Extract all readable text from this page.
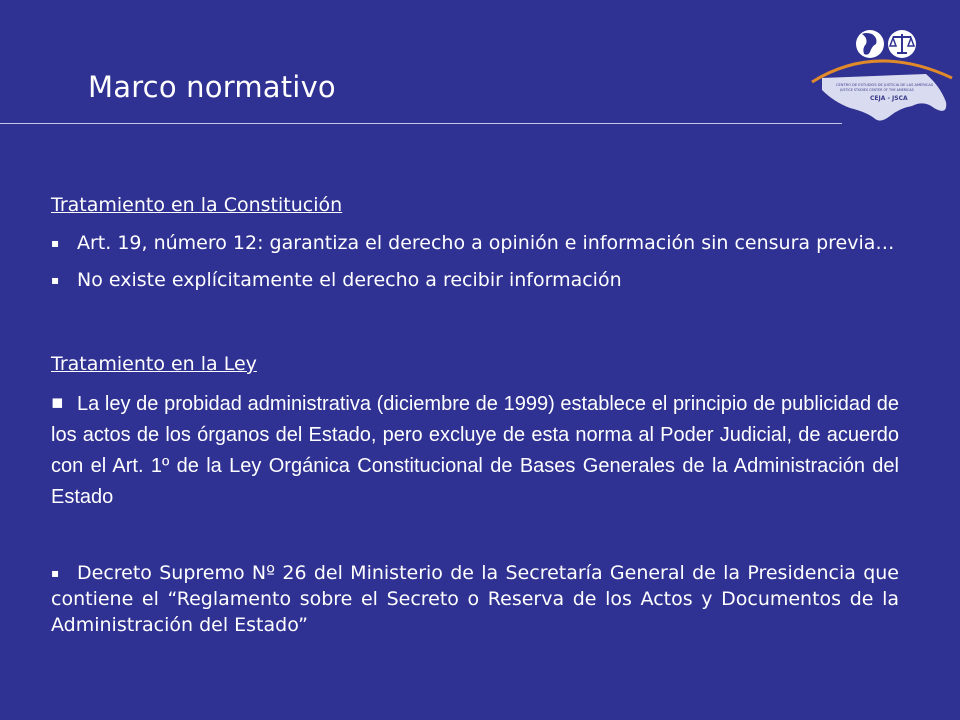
Marco normativo	CENTRO DE ESTUDIOS DE JUSTICIA DE LAS AMÉRICAS
JUSTICE STUDIES CENTER OF THE AMERICAS
CEJA - JSCA

Tratamiento en la Constitución

▪ Art. 19, número 12: garantiza el derecho a opinión e información sin censura previa…

▪ No existe explícitamente el derecho a recibir información

Tratamiento en la Ley

▪ La ley de probidad administrativa (diciembre de 1999) establece el principio de publicidad de los actos de los órganos del Estado, pero excluye de esta norma al Poder Judicial, de acuerdo con el Art. 1º de la Ley Orgánica Constitucional de Bases Generales de la Administración del Estado

▪ Decreto Supremo Nº 26 del Ministerio de la Secretaría General de la Presidencia que contiene el “Reglamento sobre el Secreto o Reserva de los Actos y Documentos de la Administración del Estado”
